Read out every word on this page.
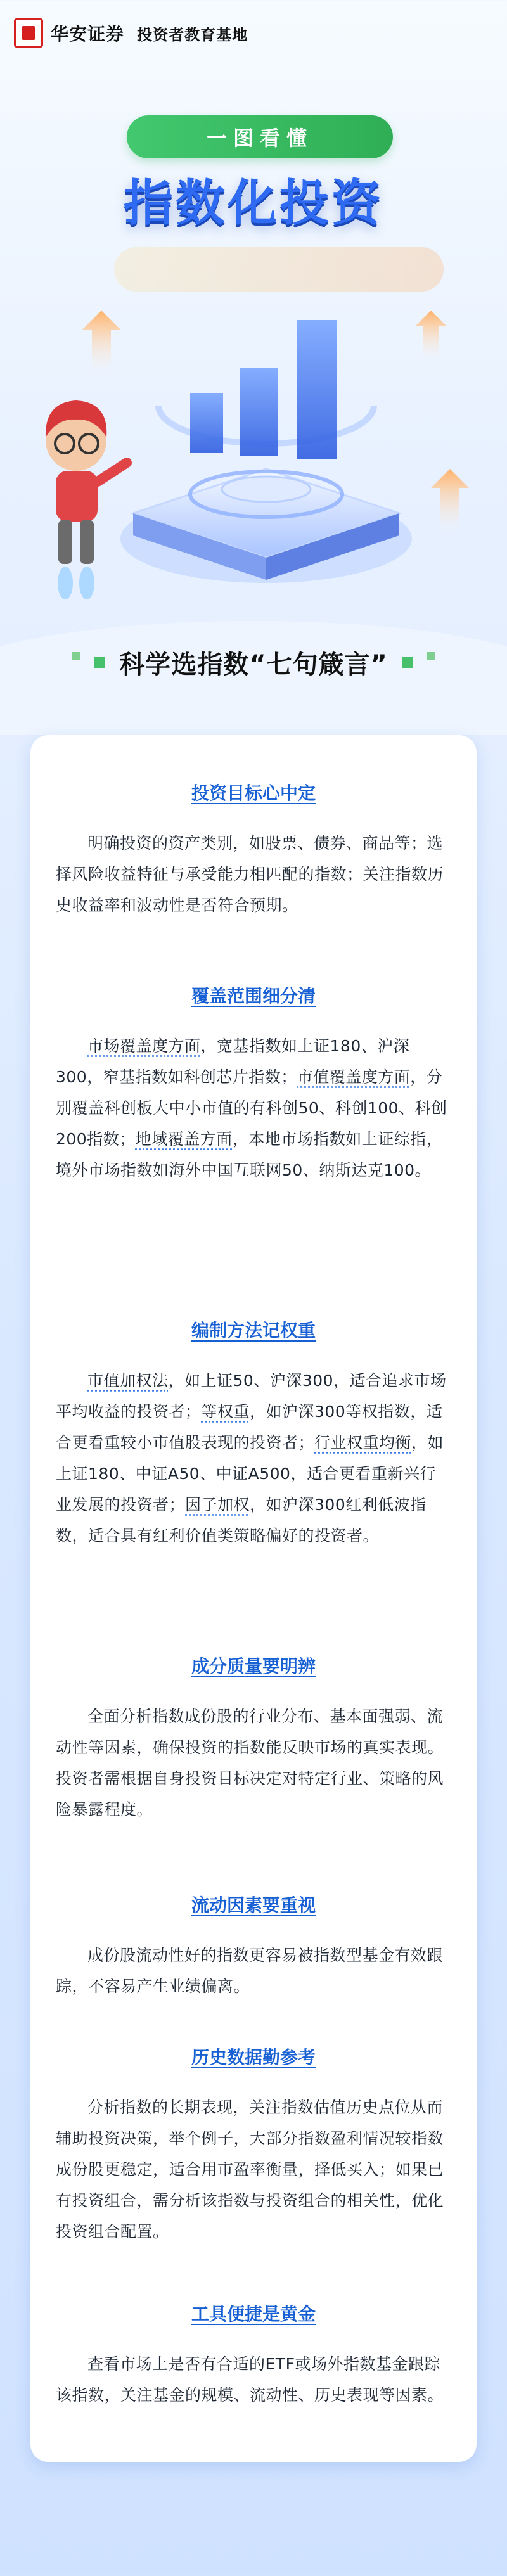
华安证券 投资者教育基地
一图看懂
指数化投资
科学选指数“七句箴言”
投资目标心中定
明确投资的资产类别，如股票、债券、商品等；选择风险收益特征与承受能力相匹配的指数；关注指数历史收益率和波动性是否符合预期。
覆盖范围细分清
市场覆盖度方面，宽基指数如上证180、沪深300，窄基指数如科创芯片指数；市值覆盖度方面，分别覆盖科创板大中小市值的有科创50、科创100、科创200指数；地域覆盖方面，本地市场指数如上证综指，境外市场指数如海外中国互联网50、纳斯达克100。
编制方法记权重
市值加权法，如上证50、沪深300，适合追求市场平均收益的投资者；等权重，如沪深300等权指数，适合更看重较小市值股表现的投资者；行业权重均衡，如上证180、中证A50、中证A500，适合更看重新兴行业发展的投资者；因子加权，如沪深300红利低波指数，适合具有红利价值类策略偏好的投资者。
成分质量要明辨
全面分析指数成份股的行业分布、基本面强弱、流动性等因素，确保投资的指数能反映市场的真实表现。投资者需根据自身投资目标决定对特定行业、策略的风险暴露程度。
流动因素要重视
成份股流动性好的指数更容易被指数型基金有效跟踪，不容易产生业绩偏离。
历史数据勤参考
分析指数的长期表现，关注指数估值历史点位从而辅助投资决策，举个例子，大部分指数盈利情况较指数成份股更稳定，适合用市盈率衡量，择低买入；如果已有投资组合，需分析该指数与投资组合的相关性，优化投资组合配置。
工具便捷是黄金
查看市场上是否有合适的ETF或场外指数基金跟踪该指数，关注基金的规模、流动性、历史表现等因素。
